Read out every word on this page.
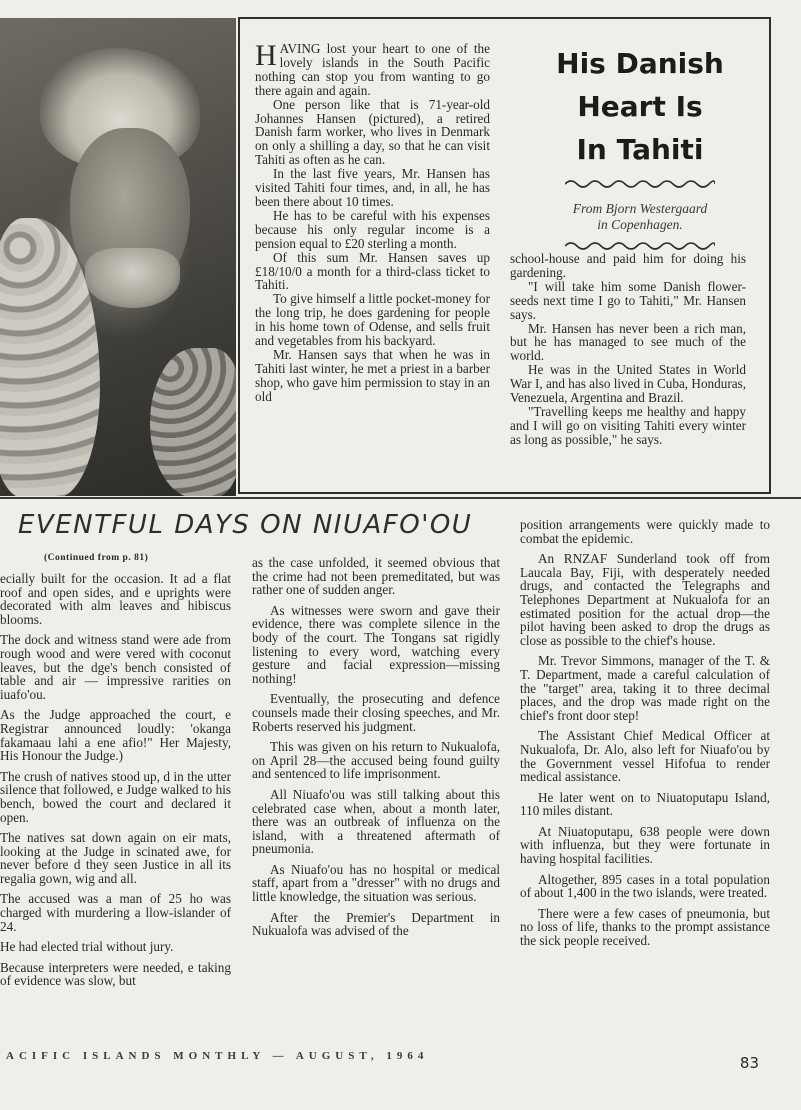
HAVING lost your heart to one of the lovely islands in the South Pacific nothing can stop you from wanting to go there again and again.

One person like that is 71-year-old Johannes Hansen (pictured), a retired Danish farm worker, who lives in Denmark on only a shilling a day, so that he can visit Tahiti as often as he can.

In the last five years, Mr. Hansen has visited Tahiti four times, and, in all, he has been there about 10 times.

He has to be careful with his expenses because his only regular income is a pension equal to £20 sterling a month.

Of this sum Mr. Hansen saves up £18/10/0 a month for a third-class ticket to Tahiti.

To give himself a little pocket-money for the long trip, he does gardening for people in his home town of Odense, and sells fruit and vegetables from his backyard.

Mr. Hansen says that when he was in Tahiti last winter, he met a priest in a barber shop, who gave him permission to stay in an old

His Danish
Heart Is
In Tahiti
From Bjorn Westergaard
in Copenhagen.

school-house and paid him for doing his gardening.

"I will take him some Danish flower-seeds next time I go to Tahiti," Mr. Hansen says.

Mr. Hansen has never been a rich man, but he has managed to see much of the world.

He was in the United States in World War I, and has also lived in Cuba, Honduras, Venezuela, Argentina and Brazil.

"Travelling keeps me healthy and happy and I will go on visiting Tahiti every winter as long as possible," he says.

EVENTFUL DAYS ON NIUAFO'OU
(Continued from p. 81)

ecially built for the occasion. It ad a flat roof and open sides, and e uprights were decorated with alm leaves and hibiscus blooms.

The dock and witness stand were ade from rough wood and were vered with coconut leaves, but the dge's bench consisted of table and air — impressive rarities on iuafo'ou.

As the Judge approached the court, e Registrar announced loudly: 'okanga fakamaau lahi a ene afio!" Her Majesty, His Honour the Judge.)

The crush of natives stood up, d in the utter silence that followed, e Judge walked to his bench, bowed the court and declared it open.

The natives sat down again on eir mats, looking at the Judge in scinated awe, for never before d they seen Justice in all its regalia gown, wig and all.

The accused was a man of 25 ho was charged with murdering a llow-islander of 24.

He had elected trial without jury.

Because interpreters were needed, e taking of evidence was slow, but

as the case unfolded, it seemed obvious that the crime had not been premeditated, but was rather one of sudden anger.

As witnesses were sworn and gave their evidence, there was complete silence in the body of the court. The Tongans sat rigidly listening to every word, watching every gesture and facial expression—missing nothing!

Eventually, the prosecuting and defence counsels made their closing speeches, and Mr. Roberts reserved his judgment.

This was given on his return to Nukualofa, on April 28—the accused being found guilty and sentenced to life imprisonment.

All Niuafo'ou was still talking about this celebrated case when, about a month later, there was an outbreak of influenza on the island, with a threatened aftermath of pneumonia.

As Niuafo'ou has no hospital or medical staff, apart from a "dresser" with no drugs and little knowledge, the situation was serious.

After the Premier's Department in Nukualofa was advised of the

position arrangements were quickly made to combat the epidemic.

An RNZAF Sunderland took off from Laucala Bay, Fiji, with desperately needed drugs, and contacted the Telegraphs and Telephones Department at Nukualofa for an estimated position for the actual drop—the pilot having been asked to drop the drugs as close as possible to the chief's house.

Mr. Trevor Simmons, manager of the T. & T. Department, made a careful calculation of the "target" area, taking it to three decimal places, and the drop was made right on the chief's front door step!

The Assistant Chief Medical Officer at Nukualofa, Dr. Alo, also left for Niuafo'ou by the Government vessel Hifofua to render medical assistance.

He later went on to Niuatoputapu Island, 110 miles distant.

At Niuatoputapu, 638 people were down with influenza, but they were fortunate in having hospital facilities.

Altogether, 895 cases in a total population of about 1,400 in the two islands, were treated.

There were a few cases of pneumonia, but no loss of life, thanks to the prompt assistance the sick people received.

ACIFIC ISLANDS MONTHLY — AUGUST, 1964	83
